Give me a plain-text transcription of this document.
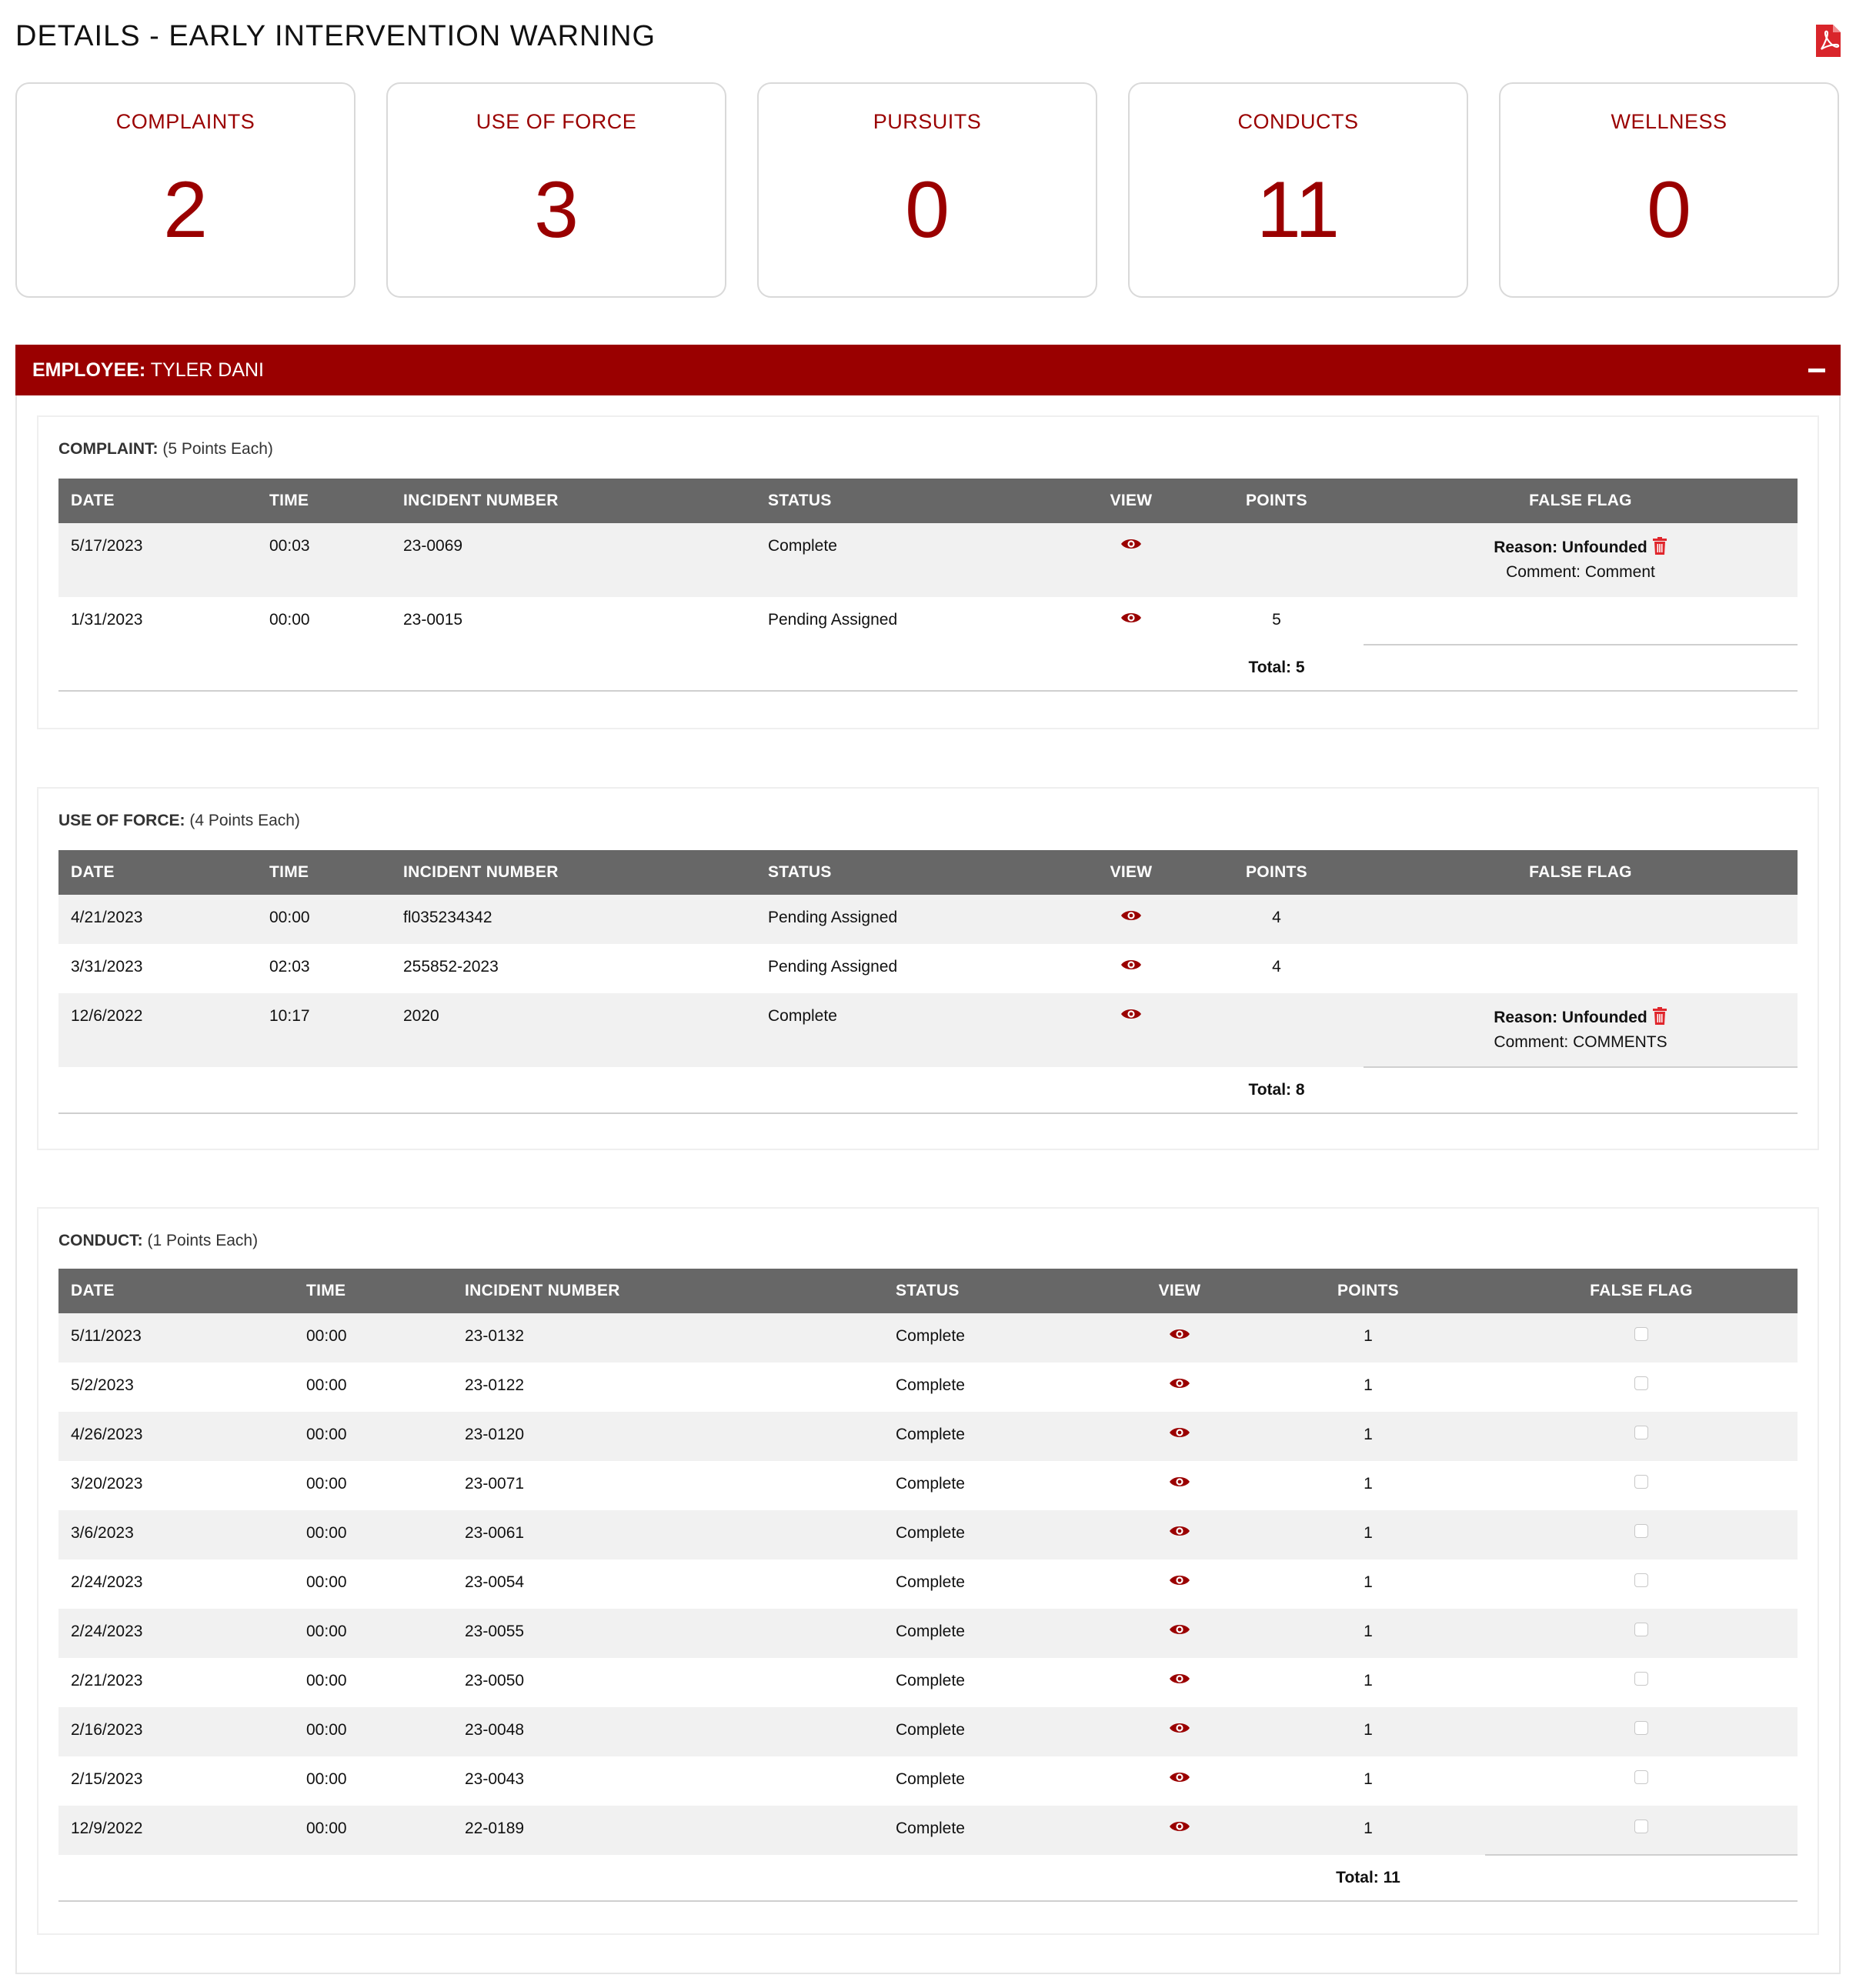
DETAILS - EARLY INTERVENTION WARNING
COMPLAINTS
2
USE OF FORCE
3
PURSUITS
0
CONDUCTS
11
WELLNESS
0
EMPLOYEE: TYLER DANI
COMPLAINT: (5 Points Each)
DATE	TIME	INCIDENT NUMBER	STATUS	VIEW	POINTS	FALSE FLAG

5/17/2023	00:03	23-0069	Complete			Reason: Unfounded
Comment: Comment

1/31/2023	00:00	23-0015	Pending Assigned		5	

					Total: 5	
USE OF FORCE: (4 Points Each)
DATE	TIME	INCIDENT NUMBER	STATUS	VIEW	POINTS	FALSE FLAG

4/21/2023	00:00	fl035234342	Pending Assigned		4	

3/31/2023	02:03	255852-2023	Pending Assigned		4	

12/6/2022	10:17	2020	Complete			Reason: Unfounded
Comment: COMMENTS

					Total: 8	
CONDUCT: (1 Points Each)
DATE	TIME	INCIDENT NUMBER	STATUS	VIEW	POINTS	FALSE FLAG

5/11/2023	00:00	23-0132	Complete		1	

5/2/2023	00:00	23-0122	Complete		1	

4/26/2023	00:00	23-0120	Complete		1	

3/20/2023	00:00	23-0071	Complete		1	

3/6/2023	00:00	23-0061	Complete		1	

2/24/2023	00:00	23-0054	Complete		1	

2/24/2023	00:00	23-0055	Complete		1	

2/21/2023	00:00	23-0050	Complete		1	

2/16/2023	00:00	23-0048	Complete		1	

2/15/2023	00:00	23-0043	Complete		1	

12/9/2022	00:00	22-0189	Complete		1	

					Total: 11	
